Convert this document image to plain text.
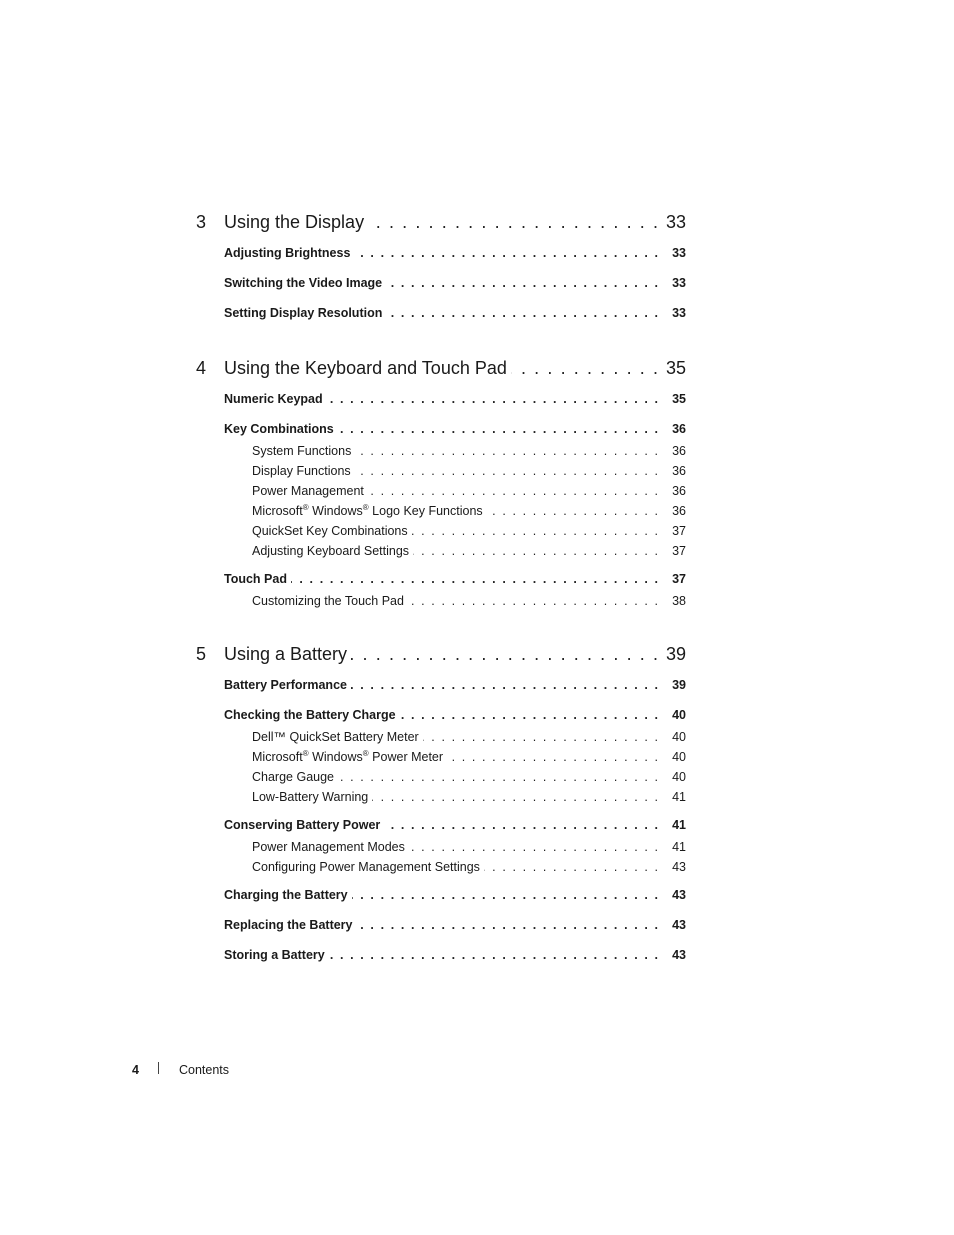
3 Using the Display . . .	33
Adjusting Brightness . . .	33
Switching the Video Image . . .	33
Setting Display Resolution . . .	33
4 Using the Keyboard and Touch Pad . . .	35
Numeric Keypad . . .	35
Key Combinations . . .	36
System Functions . . .	36
Display Functions . . .	36
Power Management . . .	36
Microsoft® Windows® Logo Key Functions . . .	36
QuickSet Key Combinations . . .	37
Adjusting Keyboard Settings . . .	37
Touch Pad . . .	37
Customizing the Touch Pad . . .	38
5 Using a Battery . . .	39
Battery Performance . . .	39
Checking the Battery Charge . . .	40
Dell™ QuickSet Battery Meter . . .	40
Microsoft® Windows® Power Meter . . .	40
Charge Gauge . . .	40
Low-Battery Warning . . .	41
Conserving Battery Power . . .	41
Power Management Modes . . .	41
Configuring Power Management Settings . . .	43
Charging the Battery . . .	43
Replacing the Battery . . .	43
Storing a Battery . . .	43
4	Contents
